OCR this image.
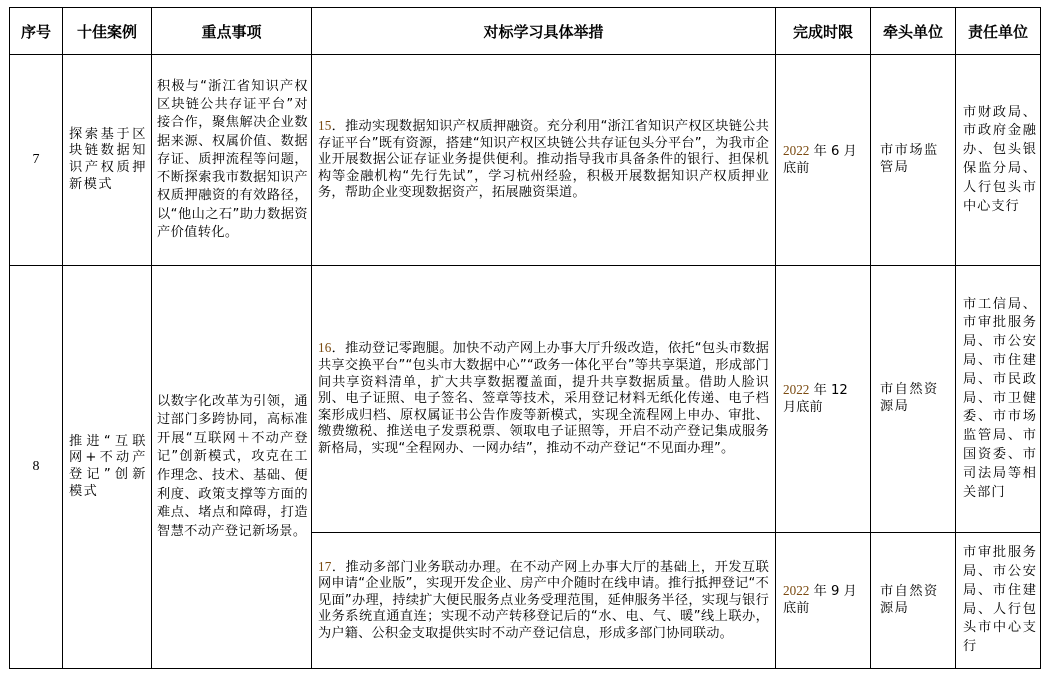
序号	十佳案例	重点事项	对标学习具体举措	完成时限	牵头单位	责任单位
7	探索基于区块链数据知识产权质押新模式	积极与“浙江省知识产权区块链公共存证平台”对接合作，聚焦解决企业数据来源、权属价值、数据存证、质押流程等问题，不断探索我市数据知识产权质押融资的有效路径，以“他山之石”助力数据资产价值转化。	15．推动实现数据知识产权质押融资。充分利用“浙江省知识产权区块链公共存证平台”既有资源，搭建“知识产权区块链公共存证包头分平台”，为我市企业开展数据公证存证业务提供便利。推动指导我市具备条件的银行、担保机构等金融机构“先行先试”，学习杭州经验，积极开展数据知识产权质押业务，帮助企业变现数据资产，拓展融资渠道。	2022 年 6 月底前	市市场监管局	市财政局、市政府金融办、包头银保监分局、人行包头市中心支行
8	推进“互联网+不动产登记”创新模式	以数字化改革为引领，通过部门多跨协同，高标准开展“互联网＋不动产登记”创新模式，攻克在工作理念、技术、基础、便利度、政策支撑等方面的难点、堵点和障碍，打造智慧不动产登记新场景。	16．推动登记零跑腿。加快不动产网上办事大厅升级改造，依托“包头市数据共享交换平台”“包头市大数据中心”“政务一体化平台”等共享渠道，形成部门间共享资料清单，扩大共享数据覆盖面，提升共享数据质量。借助人脸识别、电子证照、电子签名、签章等技术，采用登记材料无纸化传递、电子档案形成归档、原权属证书公告作废等新模式，实现全流程网上申办、审批、缴费缴税、推送电子发票税票、领取电子证照等，开启不动产登记集成服务新格局，实现“全程网办、一网办结”，推动不动产登记“不见面办理”。	2022 年 12 月底前	市自然资源局	市工信局、市审批服务局、市公安局、市住建局、市民政局、市卫健委、市市场监管局、市国资委、市司法局等相关部门
			17．推动多部门业务联动办理。在不动产网上办事大厅的基础上，开发互联网申请“企业版”，实现开发企业、房产中介随时在线申请。推行抵押登记“不见面”办理，持续扩大便民服务点业务受理范围，延伸服务半径，实现与银行业务系统直通直连；实现不动产转移登记后的“水、电、气、暖”线上联办，为户籍、公积金支取提供实时不动产登记信息，形成多部门协同联动。	2022 年 9 月底前	市自然资源局	市审批服务局、市公安局、市住建局、人行包头市中心支行
